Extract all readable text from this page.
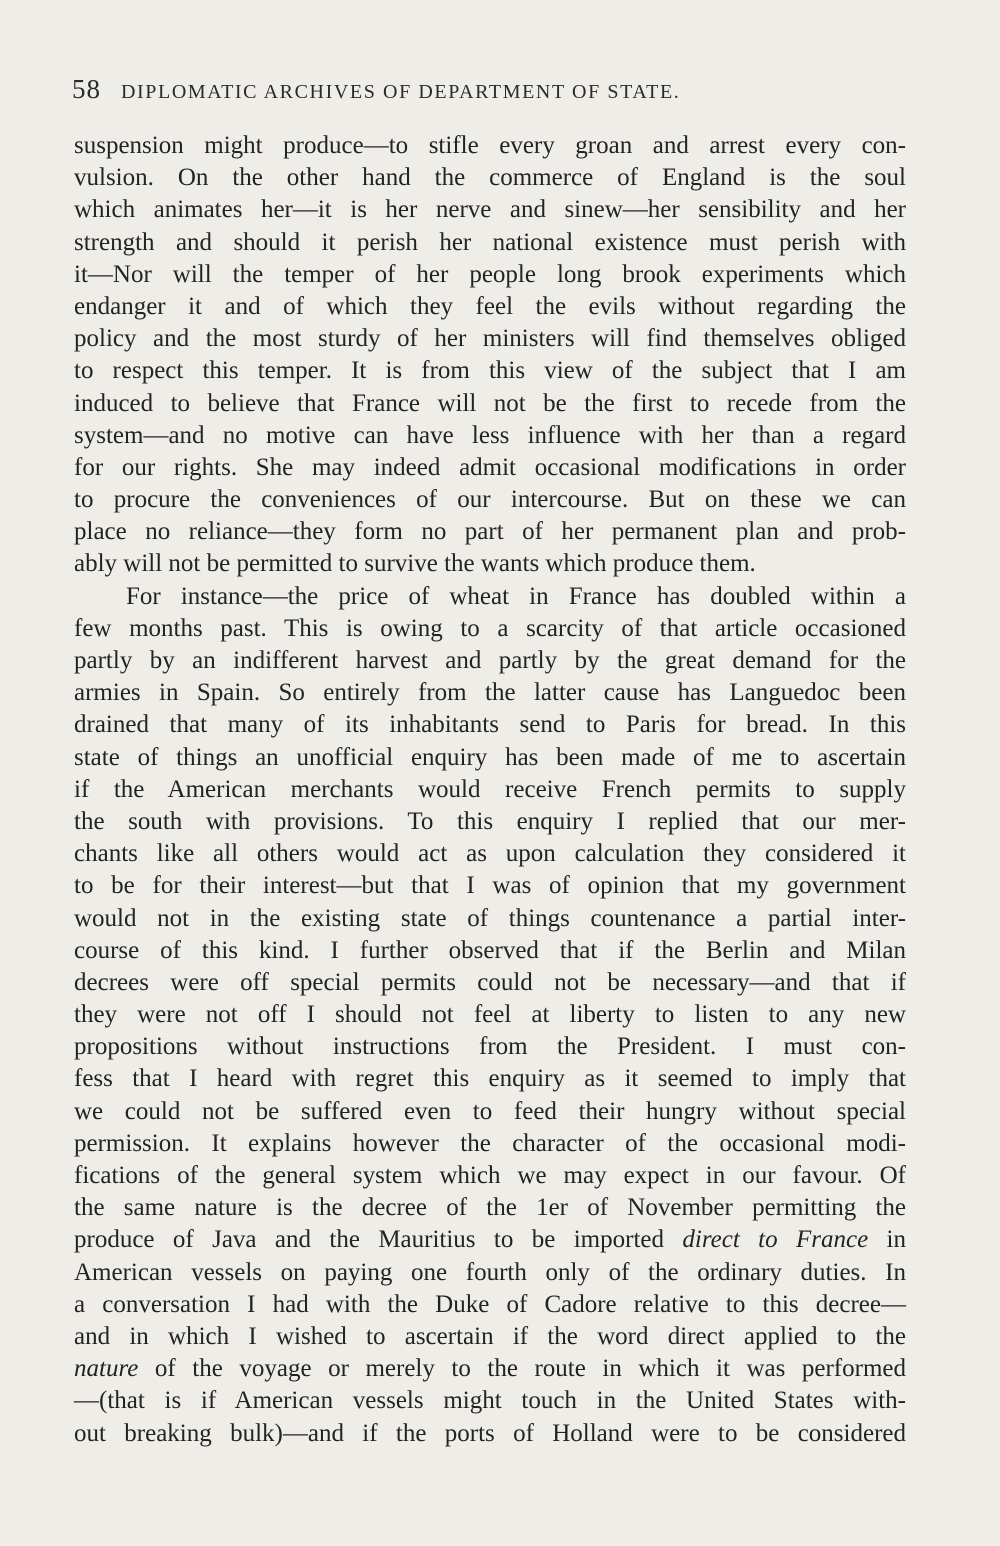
58 DIPLOMATIC ARCHIVES OF DEPARTMENT OF STATE.
suspension might produce—to stifle every groan and arrest every con-
vulsion. On the other hand the commerce of England is the soul
which animates her—it is her nerve and sinew—her sensibility and her
strength and should it perish her national existence must perish with
it—Nor will the temper of her people long brook experiments which
endanger it and of which they feel the evils without regarding the
policy and the most sturdy of her ministers will find themselves obliged
to respect this temper. It is from this view of the subject that I am
induced to believe that France will not be the first to recede from the
system—and no motive can have less influence with her than a regard
for our rights. She may indeed admit occasional modifications in order
to procure the conveniences of our intercourse. But on these we can
place no reliance—they form no part of her permanent plan and prob-
ably will not be permitted to survive the wants which produce them.
For instance—the price of wheat in France has doubled within a
few months past. This is owing to a scarcity of that article occasioned
partly by an indifferent harvest and partly by the great demand for the
armies in Spain. So entirely from the latter cause has Languedoc been
drained that many of its inhabitants send to Paris for bread. In this
state of things an unofficial enquiry has been made of me to ascertain
if the American merchants would receive French permits to supply
the south with provisions. To this enquiry I replied that our mer-
chants like all others would act as upon calculation they considered it
to be for their interest—but that I was of opinion that my government
would not in the existing state of things countenance a partial inter-
course of this kind. I further observed that if the Berlin and Milan
decrees were off special permits could not be necessary—and that if
they were not off I should not feel at liberty to listen to any new
propositions without instructions from the President. I must con-
fess that I heard with regret this enquiry as it seemed to imply that
we could not be suffered even to feed their hungry without special
permission. It explains however the character of the occasional modi-
fications of the general system which we may expect in our favour. Of
the same nature is the decree of the 1er of November permitting the
produce of Java and the Mauritius to be imported direct to France in
American vessels on paying one fourth only of the ordinary duties. In
a conversation I had with the Duke of Cadore relative to this decree—
and in which I wished to ascertain if the word direct applied to the
nature of the voyage or merely to the route in which it was performed
—(that is if American vessels might touch in the United States with-
out breaking bulk)—and if the ports of Holland were to be considered
